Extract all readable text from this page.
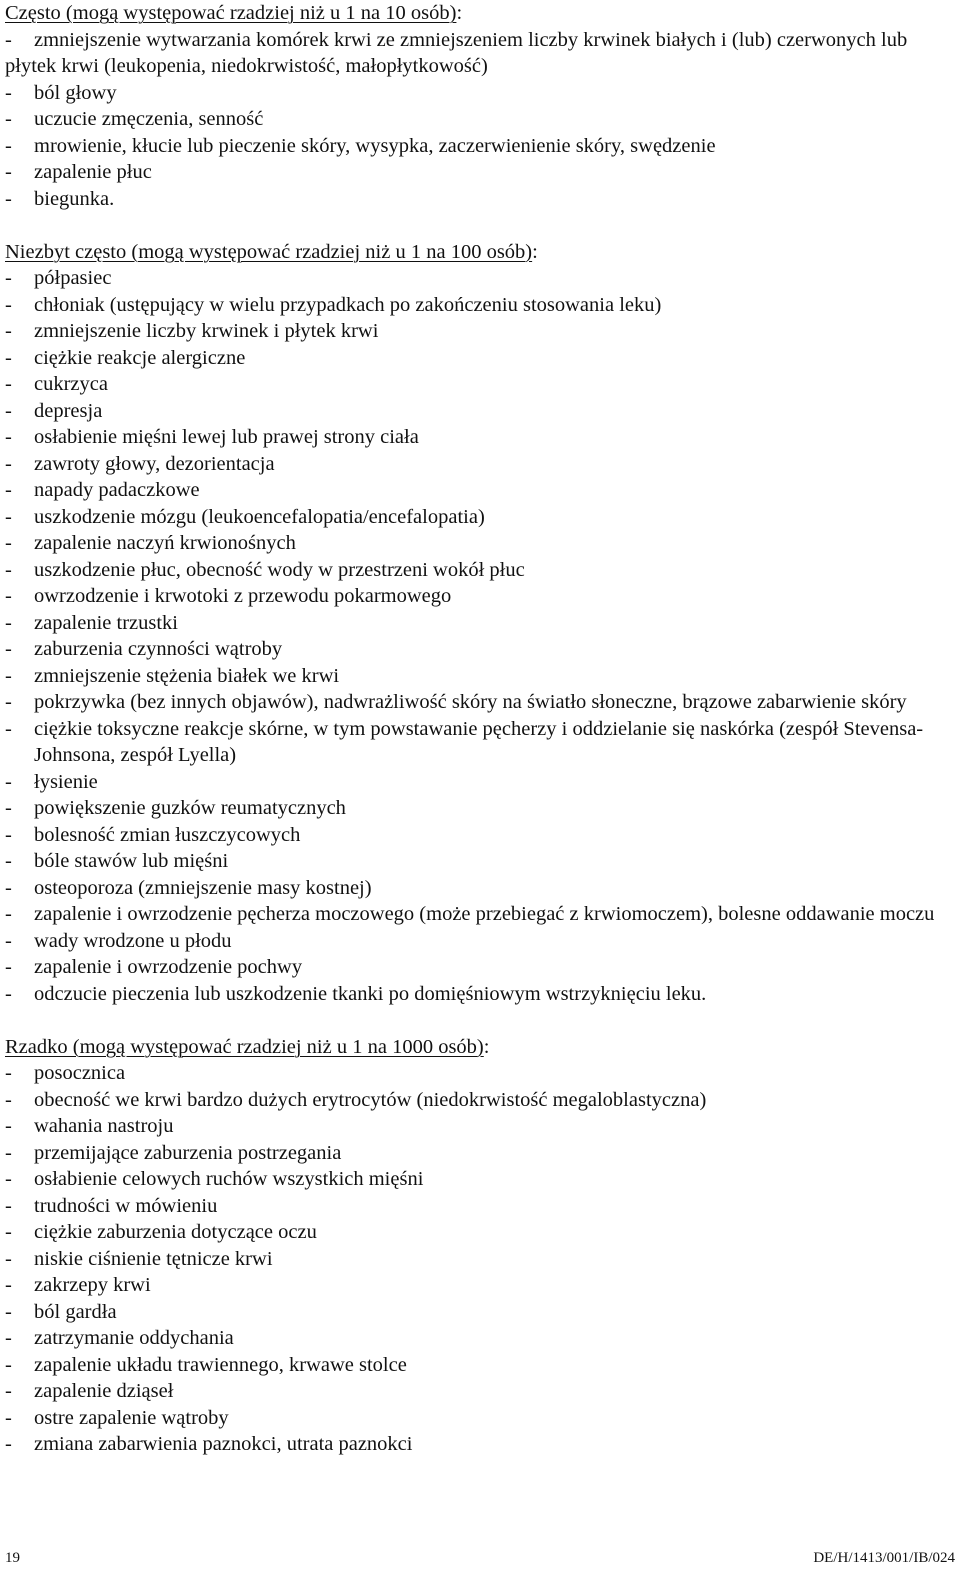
Często (mogą występować rzadziej niż u 1 na 10 osób):
- zmniejszenie wytwarzania komórek krwi ze zmniejszeniem liczby krwinek białych i (lub) czerwonych lub płytek krwi (leukopenia, niedokrwistość, małopłytkowość)
- ból głowy
- uczucie zmęczenia, senność
- mrowienie, kłucie lub pieczenie skóry, wysypka, zaczerwienienie skóry, swędzenie
- zapalenie płuc
- biegunka.
Niezbyt często (mogą występować rzadziej niż u 1 na 100 osób):
- półpasiec
- chłoniak (ustępujący w wielu przypadkach po zakończeniu stosowania leku)
- zmniejszenie liczby krwinek i płytek krwi
- ciężkie reakcje alergiczne
- cukrzyca
- depresja
- osłabienie mięśni lewej lub prawej strony ciała
- zawroty głowy, dezorientacja
- napady padaczkowe
- uszkodzenie mózgu (leukoencefalopatia/encefalopatia)
- zapalenie naczyń krwionośnych
- uszkodzenie płuc, obecność wody w przestrzeni wokół płuc
- owrzodzenie i krwotoki z przewodu pokarmowego
- zapalenie trzustki
- zaburzenia czynności wątroby
- zmniejszenie stężenia białek we krwi
- pokrzywka (bez innych objawów), nadwrażliwość skóry na światło słoneczne, brązowe zabarwienie skóry
- ciężkie toksyczne reakcje skórne, w tym powstawanie pęcherzy i oddzielanie się naskórka (zespół Stevensa-Johnsona, zespół Lyella)
- łysienie
- powiększenie guzków reumatycznych
- bolesność zmian łuszczycowych
- bóle stawów lub mięśni
- osteoporoza (zmniejszenie masy kostnej)
- zapalenie i owrzodzenie pęcherza moczowego (może przebiegać z krwiomoczem), bolesne oddawanie moczu
- wady wrodzone u płodu
- zapalenie i owrzodzenie pochwy
- odczucie pieczenia lub uszkodzenie tkanki po domięśniowym wstrzyknięciu leku.
Rzadko (mogą występować rzadziej niż u 1 na 1000 osób):
- posocznica
- obecność we krwi bardzo dużych erytrocytów (niedokrwistość megaloblastyczna)
- wahania nastroju
- przemijające zaburzenia postrzegania
- osłabienie celowych ruchów wszystkich mięśni
- trudności w mówieniu
- ciężkie zaburzenia dotyczące oczu
- niskie ciśnienie tętnicze krwi
- zakrzepy krwi
- ból gardła
- zatrzymanie oddychania
- zapalenie układu trawiennego, krwawe stolce
- zapalenie dziąseł
- ostre zapalenie wątroby
- zmiana zabarwienia paznokci, utrata paznokci
19	DE/H/1413/001/IB/024
